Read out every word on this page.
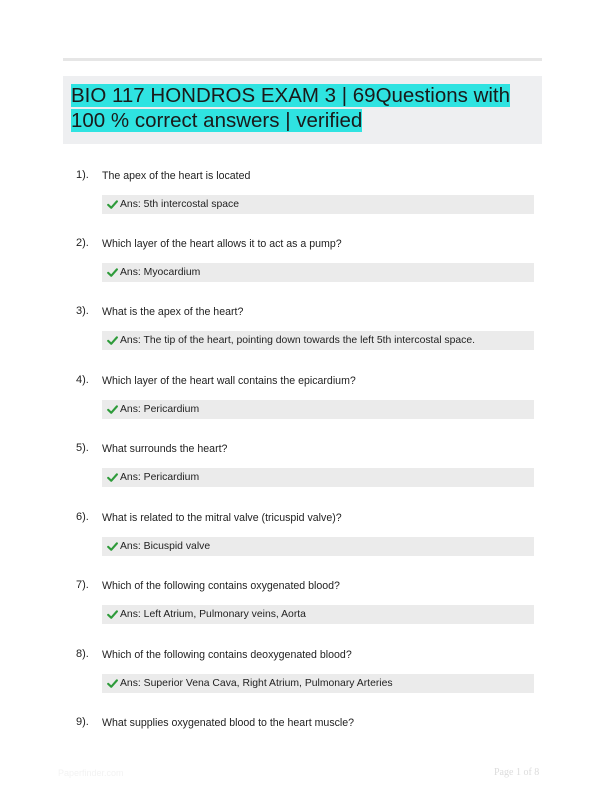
BIO 117 HONDROS EXAM 3 | 69Questions with 100 % correct answers | verified
1). The apex of the heart is located
Ans: 5th intercostal space
2). Which layer of the heart allows it to act as a pump?
Ans: Myocardium
3). What is the apex of the heart?
Ans: The tip of the heart, pointing down towards the left 5th intercostal space.
4). Which layer of the heart wall contains the epicardium?
Ans: Pericardium
5). What surrounds the heart?
Ans: Pericardium
6). What is related to the mitral valve (tricuspid valve)?
Ans: Bicuspid valve
7). Which of the following contains oxygenated blood?
Ans: Left Atrium, Pulmonary veins, Aorta
8). Which of the following contains deoxygenated blood?
Ans: Superior Vena Cava, Right Atrium, Pulmonary Arteries
9). What supplies oxygenated blood to the heart muscle?
Paperfinder.com	Page 1 of 8
